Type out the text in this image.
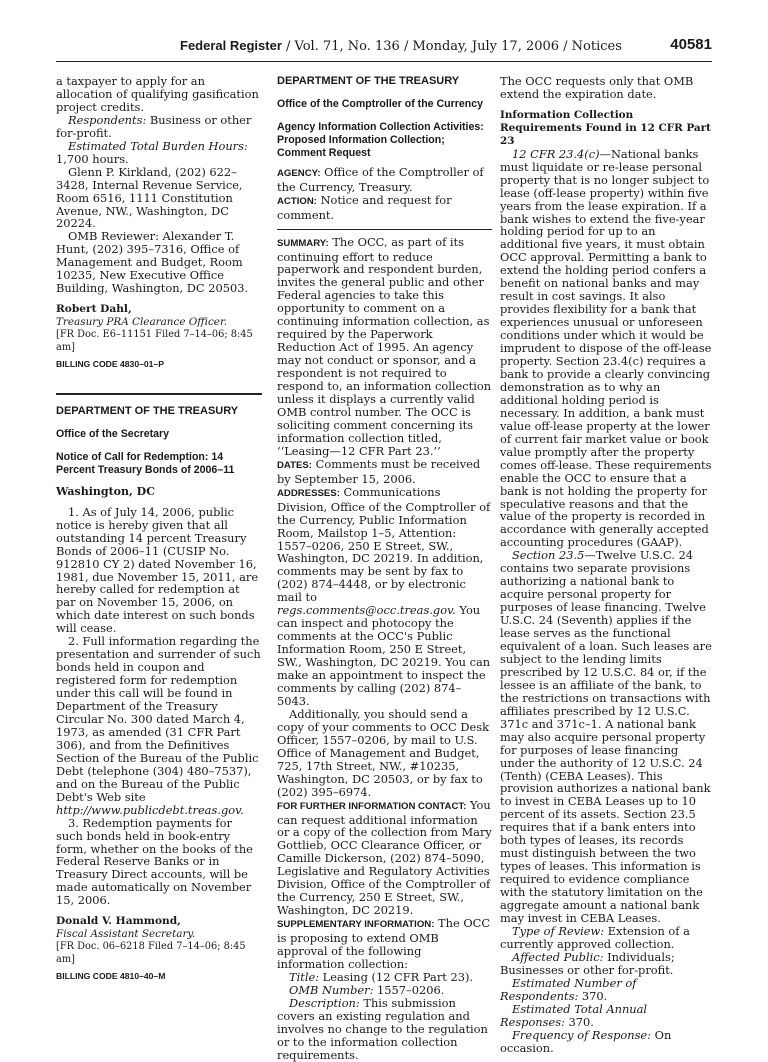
Federal Register / Vol. 71, No. 136 / Monday, July 17, 2006 / Notices	40581

a taxpayer to apply for an allocation of qualifying gasification project credits.

Respondents: Business or other for-profit.

Estimated Total Burden Hours: 1,700 hours.

Glenn P. Kirkland, (202) 622–3428, Internal Revenue Service, Room 6516, 1111 Constitution Avenue, NW., Washington, DC 20224.

OMB Reviewer: Alexander T. Hunt, (202) 395–7316, Office of Management and Budget, Room 10235, New Executive Office Building, Washington, DC 20503.

Robert Dahl,

Treasury PRA Clearance Officer.

[FR Doc. E6–11151 Filed 7–14–06; 8:45 am]

BILLING CODE 4830–01–P

DEPARTMENT OF THE TREASURY

Office of the Secretary

Notice of Call for Redemption: 14 Percent Treasury Bonds of 2006–11

Washington, DC

1. As of July 14, 2006, public notice is hereby given that all outstanding 14 percent Treasury Bonds of 2006–11 (CUSIP No. 912810 CY 2) dated November 16, 1981, due November 15, 2011, are hereby called for redemption at par on November 15, 2006, on which date interest on such bonds will cease.

2. Full information regarding the presentation and surrender of such bonds held in coupon and registered form for redemption under this call will be found in Department of the Treasury Circular No. 300 dated March 4, 1973, as amended (31 CFR Part 306), and from the Definitives Section of the Bureau of the Public Debt (telephone (304) 480–7537), and on the Bureau of the Public Debt's Web site http://www.publicdebt.treas.gov.

3. Redemption payments for such bonds held in book-entry form, whether on the books of the Federal Reserve Banks or in Treasury Direct accounts, will be made automatically on November 15, 2006.

Donald V. Hammond,

Fiscal Assistant Secretary.

[FR Doc. 06–6218 Filed 7–14–06; 8:45 am]

BILLING CODE 4810–40–M

DEPARTMENT OF THE TREASURY

Office of the Comptroller of the Currency

Agency Information Collection Activities: Proposed Information Collection; Comment Request

AGENCY: Office of the Comptroller of the Currency, Treasury.

ACTION: Notice and request for comment.

SUMMARY: The OCC, as part of its continuing effort to reduce paperwork and respondent burden, invites the general public and other Federal agencies to take this opportunity to comment on a continuing information collection, as required by the Paperwork Reduction Act of 1995. An agency may not conduct or sponsor, and a respondent is not required to respond to, an information collection unless it displays a currently valid OMB control number. The OCC is soliciting comment concerning its information collection titled, ‘‘Leasing—12 CFR Part 23.’’

DATES: Comments must be received by September 15, 2006.

ADDRESSES: Communications Division, Office of the Comptroller of the Currency, Public Information Room, Mailstop 1–5, Attention: 1557–0206, 250 E Street, SW., Washington, DC 20219. In addition, comments may be sent by fax to (202) 874–4448, or by electronic mail to regs.comments@occ.treas.gov. You can inspect and photocopy the comments at the OCC's Public Information Room, 250 E Street, SW., Washington, DC 20219. You can make an appointment to inspect the comments by calling (202) 874–5043.

Additionally, you should send a copy of your comments to OCC Desk Officer, 1557–0206, by mail to U.S. Office of Management and Budget, 725, 17th Street, NW., #10235, Washington, DC 20503, or by fax to (202) 395–6974.

FOR FURTHER INFORMATION CONTACT: You can request additional information or a copy of the collection from Mary Gottlieb, OCC Clearance Officer, or Camille Dickerson, (202) 874–5090, Legislative and Regulatory Activities Division, Office of the Comptroller of the Currency, 250 E Street, SW., Washington, DC 20219.

SUPPLEMENTARY INFORMATION: The OCC is proposing to extend OMB approval of the following information collection:

Title: Leasing (12 CFR Part 23).

OMB Number: 1557–0206.

Description: This submission covers an existing regulation and involves no change to the regulation or to the information collection requirements.

The OCC requests only that OMB extend the expiration date.

Information Collection Requirements Found in 12 CFR Part 23

12 CFR 23.4(c)—National banks must liquidate or re-lease personal property that is no longer subject to lease (off-lease property) within five years from the lease expiration. If a bank wishes to extend the five-year holding period for up to an additional five years, it must obtain OCC approval. Permitting a bank to extend the holding period confers a benefit on national banks and may result in cost savings. It also provides flexibility for a bank that experiences unusual or unforeseen conditions under which it would be imprudent to dispose of the off-lease property. Section 23.4(c) requires a bank to provide a clearly convincing demonstration as to why an additional holding period is necessary. In addition, a bank must value off-lease property at the lower of current fair market value or book value promptly after the property comes off-lease. These requirements enable the OCC to ensure that a bank is not holding the property for speculative reasons and that the value of the property is recorded in accordance with generally accepted accounting procedures (GAAP).

Section 23.5—Twelve U.S.C. 24 contains two separate provisions authorizing a national bank to acquire personal property for purposes of lease financing. Twelve U.S.C. 24 (Seventh) applies if the lease serves as the functional equivalent of a loan. Such leases are subject to the lending limits prescribed by 12 U.S.C. 84 or, if the lessee is an affiliate of the bank, to the restrictions on transactions with affiliates prescribed by 12 U.S.C. 371c and 371c–1. A national bank may also acquire personal property for purposes of lease financing under the authority of 12 U.S.C. 24 (Tenth) (CEBA Leases). This provision authorizes a national bank to invest in CEBA Leases up to 10 percent of its assets. Section 23.5 requires that if a bank enters into both types of leases, its records must distinguish between the two types of leases. This information is required to evidence compliance with the statutory limitation on the aggregate amount a national bank may invest in CEBA Leases.

Type of Review: Extension of a currently approved collection.

Affected Public: Individuals; Businesses or other for-profit.

Estimated Number of Respondents: 370.

Estimated Total Annual Responses: 370.

Frequency of Response: On occasion.
